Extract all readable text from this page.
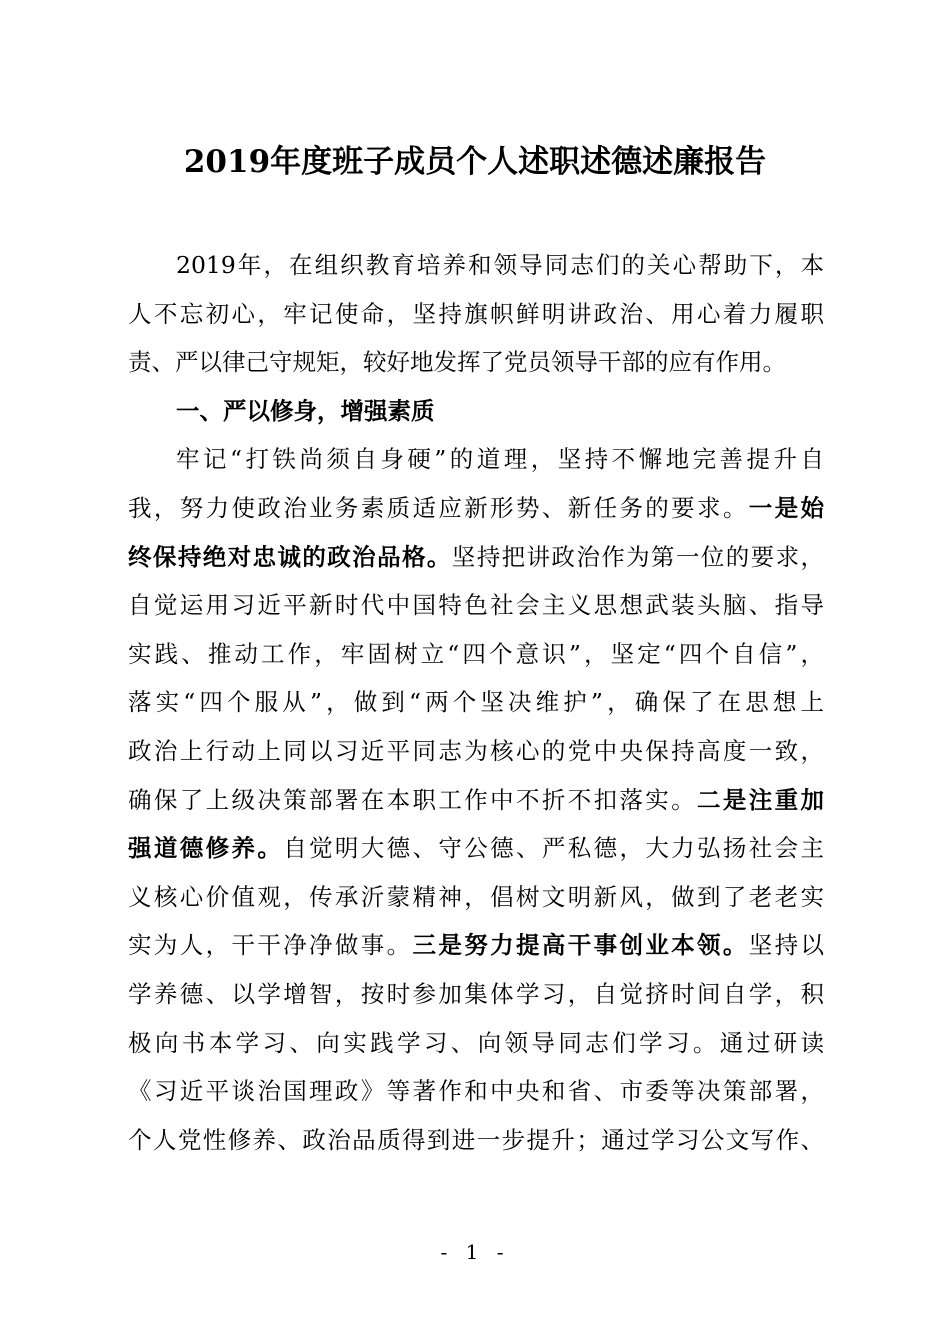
2019年度班子成员个人述职述德述廉报告
2019年，在组织教育培养和领导同志们的关心帮助下，本
人不忘初心，牢记使命，坚持旗帜鲜明讲政治、用心着力履职
责、严以律己守规矩，较好地发挥了党员领导干部的应有作用。
一、严以修身，增强素质
牢记“打铁尚须自身硬”的道理，坚持不懈地完善提升自
我，努力使政治业务素质适应新形势、新任务的要求。一是始
终保持绝对忠诚的政治品格。坚持把讲政治作为第一位的要求，
自觉运用习近平新时代中国特色社会主义思想武装头脑、指导
实践、推动工作，牢固树立“四个意识”，坚定“四个自信”，
落实“四个服从”，做到“两个坚决维护”，确保了在思想上
政治上行动上同以习近平同志为核心的党中央保持高度一致，
确保了上级决策部署在本职工作中不折不扣落实。二是注重加
强道德修养。自觉明大德、守公德、严私德，大力弘扬社会主
义核心价值观，传承沂蒙精神，倡树文明新风，做到了老老实
实为人，干干净净做事。三是努力提高干事创业本领。坚持以
学养德、以学增智，按时参加集体学习，自觉挤时间自学，积
极向书本学习、向实践学习、向领导同志们学习。通过研读
《习近平谈治国理政》等著作和中央和省、市委等决策部署，
个人党性修养、政治品质得到进一步提升；通过学习公文写作、
- 1 -
